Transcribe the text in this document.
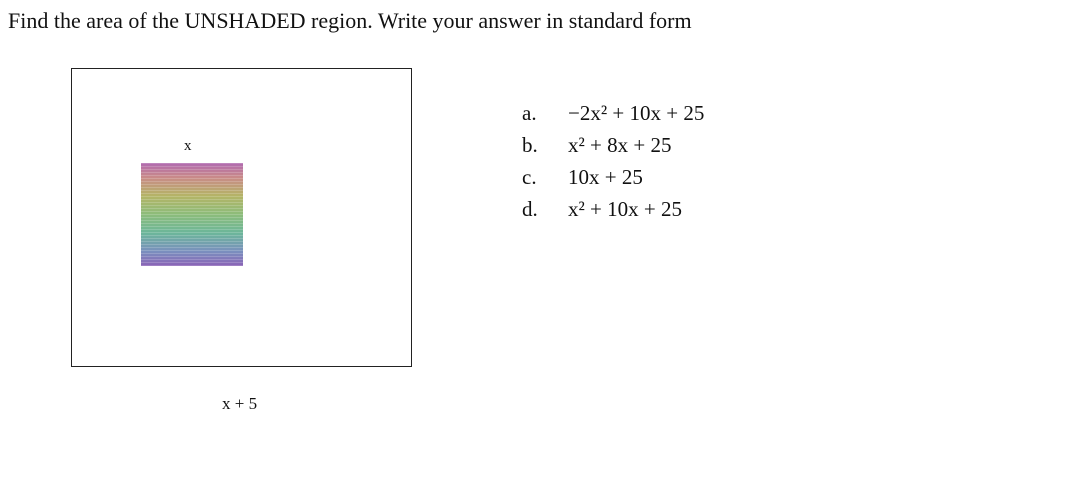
Find the area of the UNSHADED region. Write your answer in standard form
x
x + 5
a.	−2x² + 10x + 25
b.	x² + 8x + 25
c.	10x + 25
d.	x² + 10x + 25
